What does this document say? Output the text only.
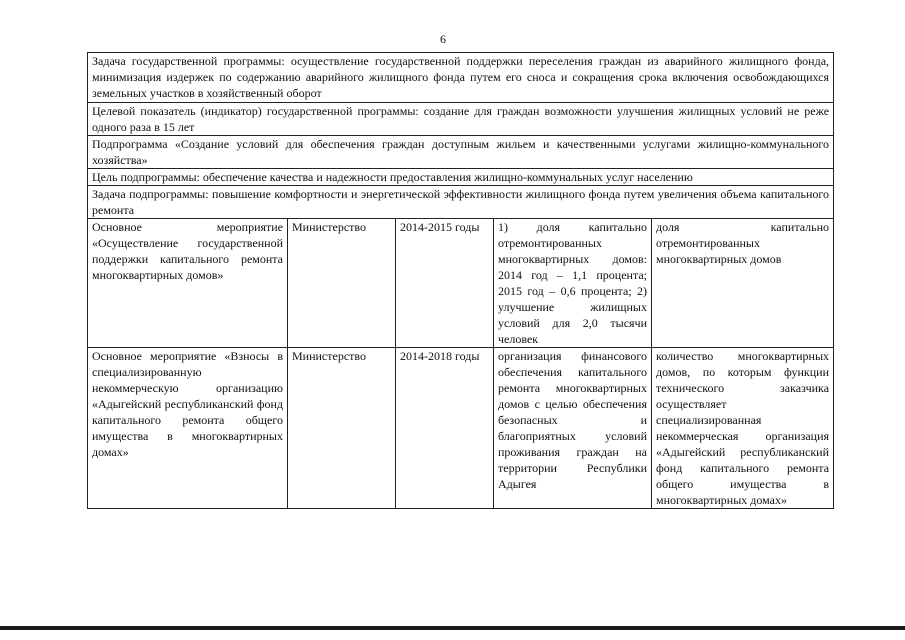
6
Задача государственной программы: осуществление государственной поддержки переселения граждан из аварийного жилищного фонда, минимизация издержек по содержанию аварийного жилищного фонда путем его сноса и сокращения срока включения освобождающихся земельных участков в хозяйственный оборот				
Целевой показатель (индикатор) государственной программы: создание для граждан возможности улучшения жилищных условий не реже одного раза в 15 лет				
Подпрограмма «Создание условий для обеспечения граждан доступным жильем и качественными услугами жилищно-коммунального хозяйства»				
Цель подпрограммы: обеспечение качества и надежности предоставления жилищно-коммунальных услуг населению				
Задача подпрограммы: повышение комфортности и энергетической эффективности жилищного фонда путем увеличения объема капитального ремонта				
Основное мероприятие «Осуществление государственной поддержки капитального ремонта многоквартирных домов»	Министерство	2014-2015 годы	1) доля капитально отремонтированных многоквартирных домов: 2014 год – 1,1 процента; 2015 год – 0,6 процента; 2) улучшение жилищных условий для 2,0 тысячи человек	доля капитально отремонтированных многоквартирных домов
Основное мероприятие «Взносы в специализированную некоммерческую организацию «Адыгейский республиканский фонд капитального ремонта общего имущества в многоквартирных домах»	Министерство	2014-2018 годы	организация финансового обеспечения капитального ремонта многоквартирных домов с целью обеспечения безопасных и благоприятных условий проживания граждан на территории Республики Адыгея	количество многоквартирных домов, по которым функции технического заказчика осуществляет специализированная некоммерческая организация «Адыгейский республиканский фонд капитального ремонта общего имущества в многоквартирных домах»
